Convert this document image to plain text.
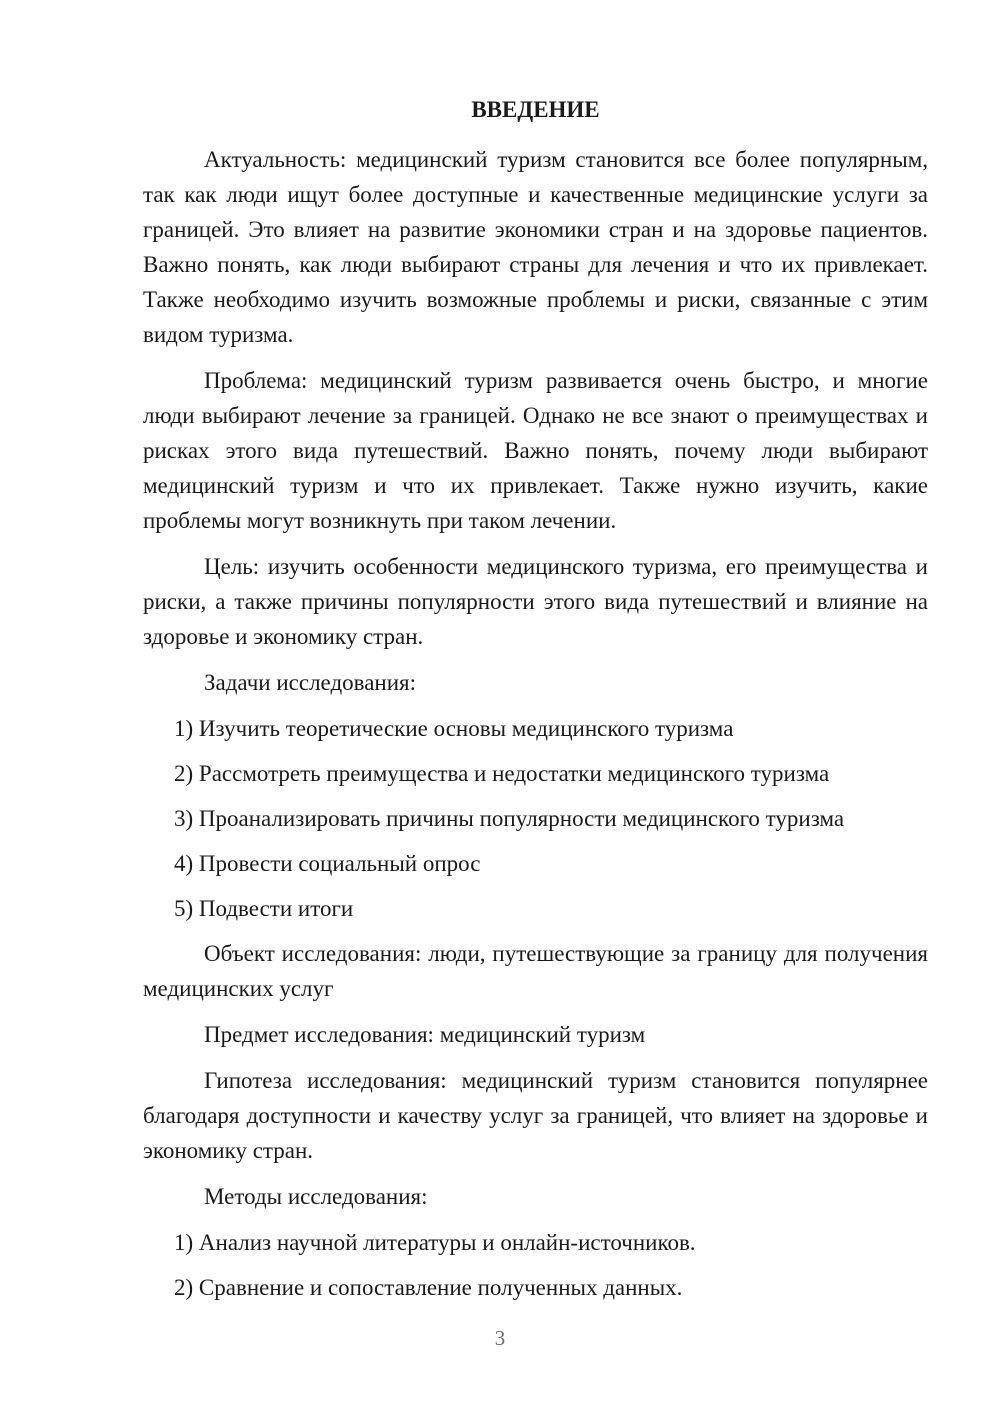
ВВЕДЕНИЕ
Актуальность: медицинский туризм становится все более популярным, так как люди ищут более доступные и качественные медицинские услуги за границей. Это влияет на развитие экономики стран и на здоровье пациентов. Важно понять, как люди выбирают страны для лечения и что их привлекает. Также необходимо изучить возможные проблемы и риски, связанные с этим видом туризма.
Проблема: медицинский туризм развивается очень быстро, и многие люди выбирают лечение за границей. Однако не все знают о преимуществах и рисках этого вида путешествий. Важно понять, почему люди выбирают медицинский туризм и что их привлекает. Также нужно изучить, какие проблемы могут возникнуть при таком лечении.
Цель: изучить особенности медицинского туризма, его преимущества и риски, а также причины популярности этого вида путешествий и влияние на здоровье и экономику стран.
Задачи исследования:
1) Изучить теоретические основы медицинского туризма
2) Рассмотреть преимущества и недостатки медицинского туризма
3) Проанализировать причины популярности медицинского туризма
4) Провести социальный опрос
5) Подвести итоги
Объект исследования: люди, путешествующие за границу для получения медицинских услуг
Предмет исследования: медицинский туризм
Гипотеза исследования: медицинский туризм становится популярнее благодаря доступности и качеству услуг за границей, что влияет на здоровье и экономику стран.
Методы исследования:
1) Анализ научной литературы и онлайн-источников.
2) Сравнение и сопоставление полученных данных.
3
